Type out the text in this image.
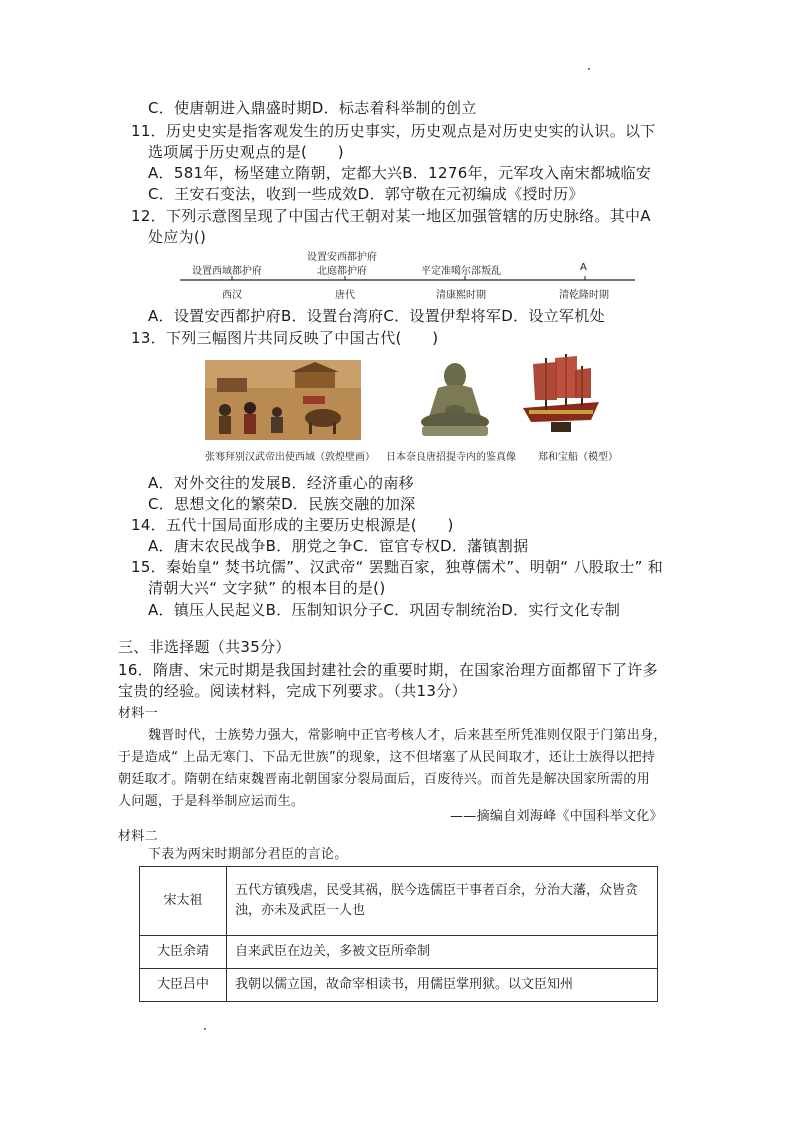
C．使唐朝进入鼎盛时期D．标志着科举制的创立
11．历史史实是指客观发生的历史事实，历史观点是对历史史实的认识。以下
选项属于历史观点的是(　　)
A．581年，杨坚建立隋朝，定都大兴B．1276年，元军攻入南宋都城临安
C．王安石变法，收到一些成效D．郭守敬在元初编成《授时历》
12．下列示意图呈现了中国古代王朝对某一地区加强管辖的历史脉络。其中A
处应为()
设置西域都护府
设置安西都护府
北庭都护府	平定准噶尔部叛乱	A
西汉	唐代	清康熙时期	清乾隆时期
A．设置安西都护府B．设置台湾府C．设置伊犁将军D．设立军机处
13．下列三幅图片共同反映了中国古代(　　)
张骞拜别汉武帝出使西域（敦煌壁画） 日本奈良唐招提寺内的鉴真像 郑和宝船（模型）
A．对外交往的发展B．经济重心的南移
C．思想文化的繁荣D．民族交融的加深
14．五代十国局面形成的主要历史根源是(　　)
A．唐末农民战争B．朋党之争C．宦官专权D．藩镇割据
15．秦始皇“ 焚书坑儒”、汉武帝“ 罢黜百家，独尊儒术”、明朝“ 八股取士” 和
清朝大兴“ 文字狱” 的根本目的是()
A．镇压人民起义B．压制知识分子C．巩固专制统治D．实行文化专制
三、非选择题（共35分）
16．隋唐、宋元时期是我国封建社会的重要时期，在国家治理方面都留下了许多
宝贵的经验。阅读材料，完成下列要求。（共13分）
材料一
魏晋时代，士族势力强大，常影响中正官考核人才，后来甚至所凭准则仅限于门第出身，
于是造成“ 上品无寒门、下品无世族”的现象，这不但堵塞了从民间取才，还让士族得以把持
朝廷取才。隋朝在结束魏晋南北朝国家分裂局面后，百废待兴。而首先是解决国家所需的用
人问题，于是科举制应运而生。
——摘编自刘海峰《中国科举文化》
材料二
下表为两宋时期部分君臣的言论。
宋太祖	五代方镇残虐，民受其祸，朕今选儒臣干事者百余，分治大藩，众皆贪浊，亦未及武臣一人也
大臣余靖	自来武臣在边关，多被文臣所牵制
大臣吕中	我朝以儒立国，故命宰相读书，用儒臣掌刑狱。以文臣知州
